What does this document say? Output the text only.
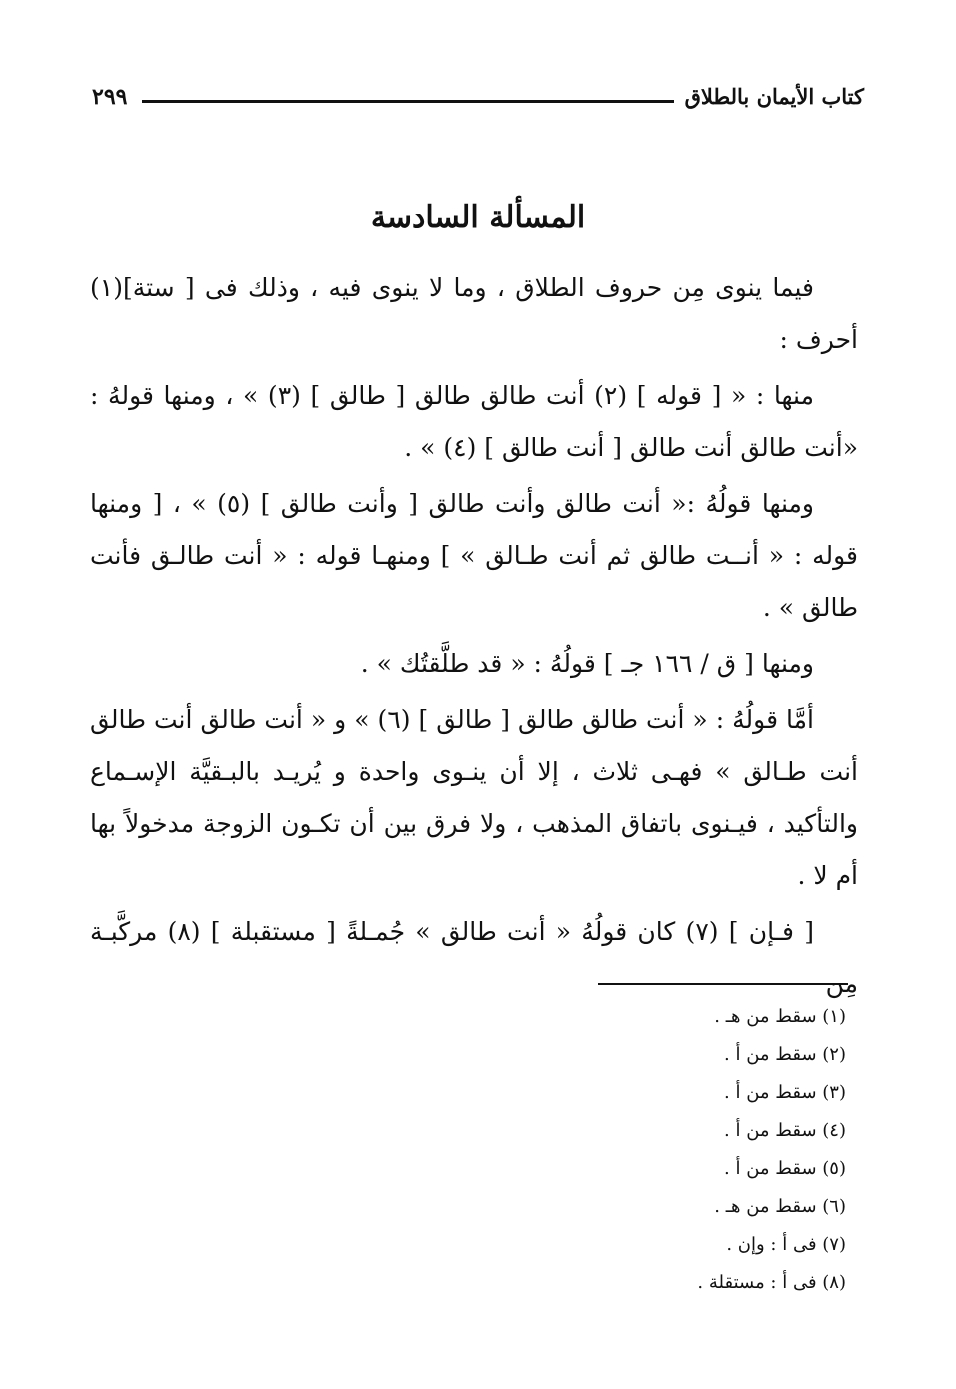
كتاب الأيمان بالطلاق
٢٩٩
المسألة السادسة

فيما ينوى مِن حروف الطلاق ، وما لا ينوى فيه ، وذلك فى [ ستة](١) أحرف :

منها : « [ قوله ] (٢) أنت طالق طالق [ طالق ] (٣) » ، ومنها قولهُ : «أنت طالق أنت طالق [ أنت طالق ] (٤) » .

ومنها قولُهُ :« أنت طالق وأنت طالق [ وأنت طالق ] (٥) » ، [ ومنها قوله : « أنــت طالق ثم أنت طـالق » ] ومنهـا قوله : « أنت طالـق فأنت طالق » .

ومنها [ ق / ١٦٦ جـ ] قولُهُ : « قد طلَّقتُك » .

أمَّا قولُهُ : « أنت طالق طالق [ طالق ] (٦) » و « أنت طالق أنت طالق أنت طـالق » فهـى ثلاث ، إلا أن ينـوى واحدة و يُريـد بالبـقيَّة الإسـماع والتأكيد ، فيـنوى باتفاق المذهب ، ولا فرق بين أن تكـون الزوجة مدخولاً بها أم لا .

[ فـإن ] (٧) كان قولُهُ « أنت طالق » جُمـلةً [ مستقبلة ] (٨) مركَّبـة مِن

(١) سقط من هـ .
(٢) سقط من أ .
(٣) سقط من أ .
(٤) سقط من أ .
(٥) سقط من أ .
(٦) سقط من هـ .
(٧) فى أ : وإن .
(٨) فى أ : مستقلة .
